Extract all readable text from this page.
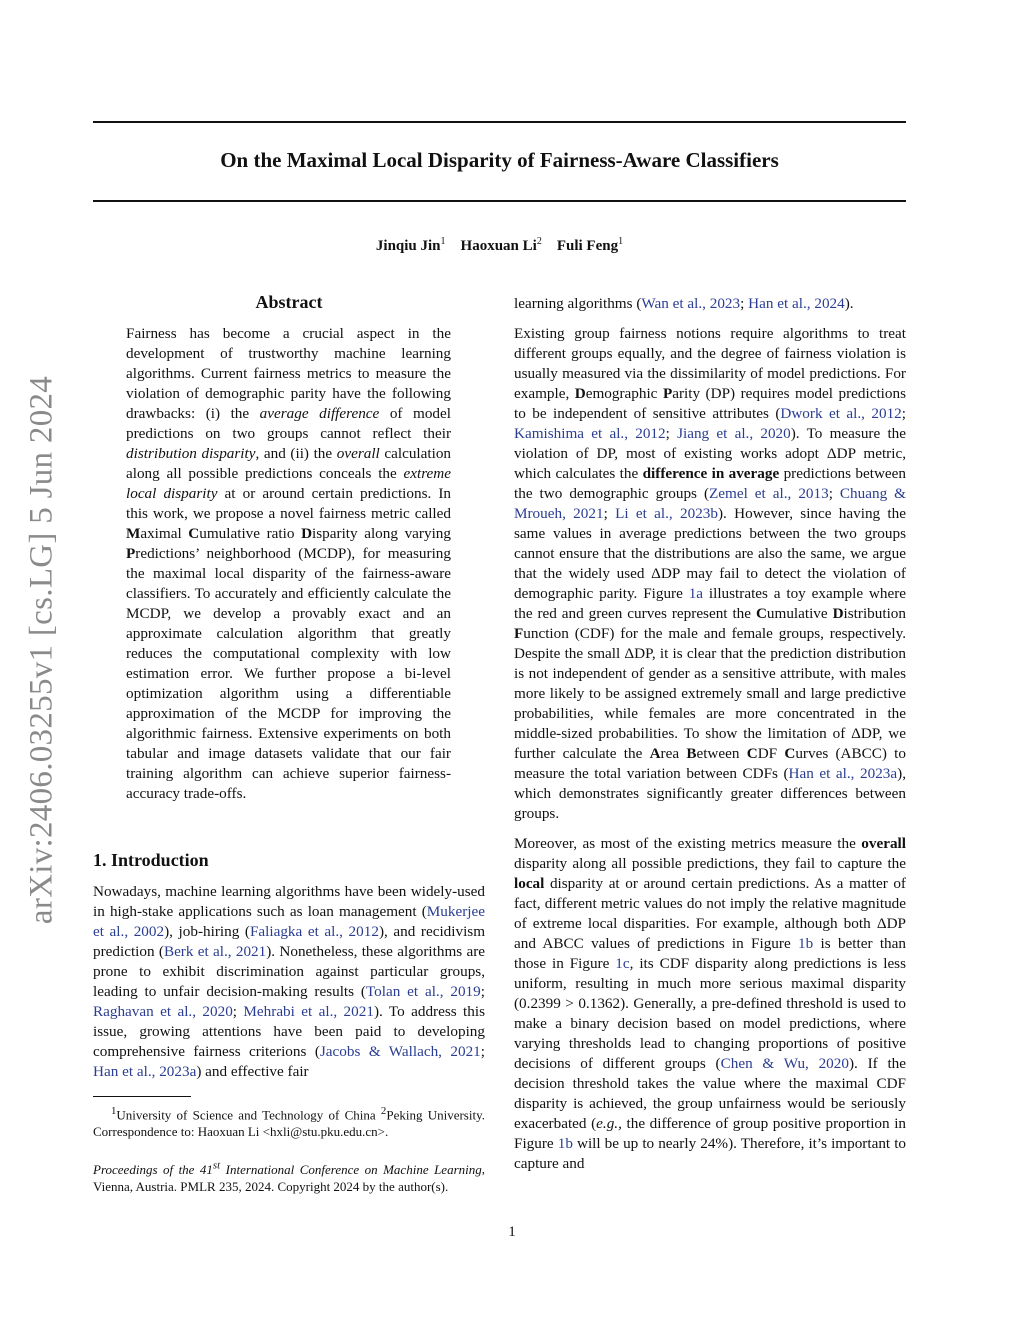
On the Maximal Local Disparity of Fairness-Aware Classifiers
Jinqiu Jin$^1$ Haoxuan Li$^2$ Fuli Feng$^1$
arXiv:2406.03255v1 [cs.LG] 5 Jun 2024
Abstract

Fairness has become a crucial aspect in the development of trustworthy machine learning algorithms. Current fairness metrics to measure the violation of demographic parity have the following drawbacks: (i) the average difference of model predictions on two groups cannot reflect their distribution disparity, and (ii) the overall calculation along all possible predictions conceals the extreme local disparity at or around certain predictions. In this work, we propose a novel fairness metric called Maximal Cumulative ratio Disparity along varying Predictions’ neighborhood (MCDP), for measuring the maximal local disparity of the fairness-aware classifiers. To accurately and efficiently calculate the MCDP, we develop a provably exact and an approximate calculation algorithm that greatly reduces the computational complexity with low estimation error. We further propose a bi-level optimization algorithm using a differentiable approximation of the MCDP for improving the algorithmic fairness. Extensive experiments on both tabular and image datasets validate that our fair training algorithm can achieve superior fairness-accuracy trade-offs.

1. Introduction

Nowadays, machine learning algorithms have been widely-used in high-stake applications such as loan management (Mukerjee et al., 2002), job-hiring (Faliagka et al., 2012), and recidivism prediction (Berk et al., 2021). Nonetheless, these algorithms are prone to exhibit discrimination against particular groups, leading to unfair decision-making results (Tolan et al., 2019; Raghavan et al., 2020; Mehrabi et al., 2021). To address this issue, growing attentions have been paid to developing comprehensive fairness criterions (Jacobs & Wallach, 2021; Han et al., 2023a) and effective fair

$^1$University of Science and Technology of China $^2$Peking University. Correspondence to: Haoxuan Li <hxli@stu.pku.edu.cn>.

Proceedings of the 41st International Conference on Machine Learning, Vienna, Austria. PMLR 235, 2024. Copyright 2024 by the author(s).

learning algorithms (Wan et al., 2023; Han et al., 2024).

Existing group fairness notions require algorithms to treat different groups equally, and the degree of fairness violation is usually measured via the dissimilarity of model predictions. For example, Demographic Parity (DP) requires model predictions to be independent of sensitive attributes (Dwork et al., 2012; Kamishima et al., 2012; Jiang et al., 2020). To measure the violation of DP, most of existing works adopt ΔDP metric, which calculates the difference in average predictions between the two demographic groups (Zemel et al., 2013; Chuang & Mroueh, 2021; Li et al., 2023b). However, since having the same values in average predictions between the two groups cannot ensure that the distributions are also the same, we argue that the widely used ΔDP may fail to detect the violation of demographic parity. Figure 1a illustrates a toy example where the red and green curves represent the Cumulative Distribution Function (CDF) for the male and female groups, respectively. Despite the small ΔDP, it is clear that the prediction distribution is not independent of gender as a sensitive attribute, with males more likely to be assigned extremely small and large predictive probabilities, while females are more concentrated in the middle-sized probabilities. To show the limitation of ΔDP, we further calculate the Area Between CDF Curves (ABCC) to measure the total variation between CDFs (Han et al., 2023a), which demonstrates significantly greater differences between groups.

Moreover, as most of the existing metrics measure the overall disparity along all possible predictions, they fail to capture the local disparity at or around certain predictions. As a matter of fact, different metric values do not imply the relative magnitude of extreme local disparities. For example, although both ΔDP and ABCC values of predictions in Figure 1b is better than those in Figure 1c, its CDF disparity along predictions is less uniform, resulting in much more serious maximal disparity (0.2399 > 0.1362). Generally, a pre-defined threshold is used to make a binary decision based on model predictions, where varying thresholds lead to changing proportions of positive decisions of different groups (Chen & Wu, 2020). If the decision threshold takes the value where the maximal CDF disparity is achieved, the group unfairness would be seriously exacerbated (e.g., the difference of group positive proportion in Figure 1b will be up to nearly 24%). Therefore, it’s important to capture and

1
